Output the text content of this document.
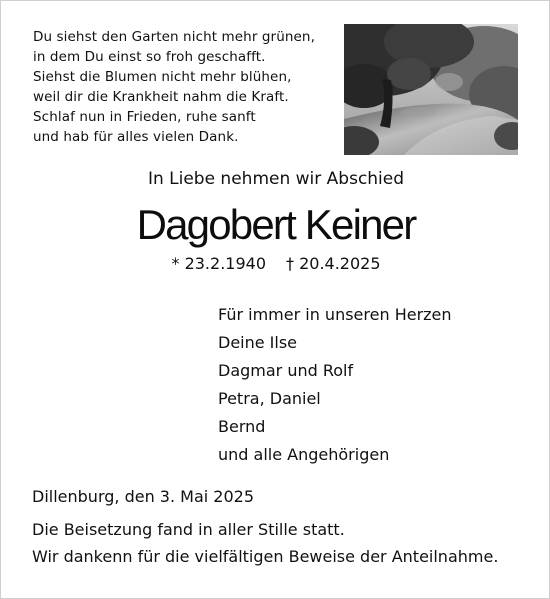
Du siehst den Garten nicht mehr grünen,
in dem Du einst so froh geschafft.
Siehst die Blumen nicht mehr blühen,
weil dir die Krankheit nahm die Kraft.
Schlaf nun in Frieden, ruhe sanft
und hab für alles vielen Dank.
In Liebe nehmen wir Abschied
Dagobert Keiner
* 23.2.1940 † 20.4.2025
Für immer in unseren Herzen
Deine Ilse
Dagmar und Rolf
Petra, Daniel
Bernd
und alle Angehörigen
Dillenburg, den 3. Mai 2025
Die Beisetzung fand in aller Stille statt.
Wir dankenn für die vielfältigen Beweise der Anteilnahme.
